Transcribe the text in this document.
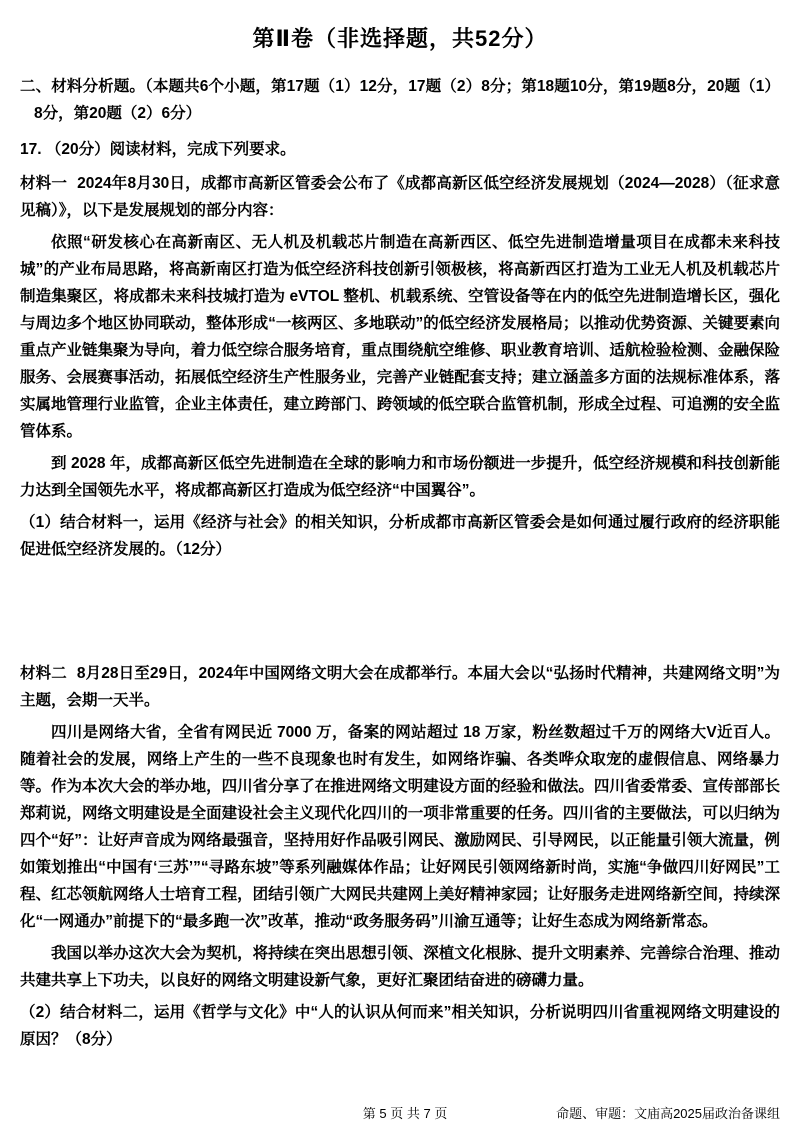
第Ⅱ卷（非选择题，共52分）

二、材料分析题。（本题共6个小题，第17题（1）12分，17题（2）8分；第18题10分，第19题8分，20题（1）8分，第20题（2）6分）

17. （20分）阅读材料，完成下列要求。

材料一 2024年8月30日，成都市高新区管委会公布了《成都高新区低空经济发展规划（2024—2028）（征求意见稿）》，以下是发展规划的部分内容：

依照“研发核心在高新南区、无人机及机载芯片制造在高新西区、低空先进制造增量项目在成都未来科技城”的产业布局思路，将高新南区打造为低空经济科技创新引领极核，将高新西区打造为工业无人机及机载芯片制造集聚区，将成都未来科技城打造为 eVTOL 整机、机载系统、空管设备等在内的低空先进制造增长区，强化与周边多个地区协同联动，整体形成“一核两区、多地联动”的低空经济发展格局；以推动优势资源、关键要素向重点产业链集聚为导向，着力低空综合服务培育，重点围绕航空维修、职业教育培训、适航检验检测、金融保险服务、会展赛事活动，拓展低空经济生产性服务业，完善产业链配套支持；建立涵盖多方面的法规标准体系，落实属地管理行业监管，企业主体责任，建立跨部门、跨领域的低空联合监管机制，形成全过程、可追溯的安全监管体系。

到 2028 年，成都高新区低空先进制造在全球的影响力和市场份额进一步提升，低空经济规模和科技创新能力达到全国领先水平，将成都高新区打造成为低空经济“中国翼谷”。

（1）结合材料一，运用《经济与社会》的相关知识，分析成都市高新区管委会是如何通过履行政府的经济职能促进低空经济发展的。（12分）

材料二 8月28日至29日，2024年中国网络文明大会在成都举行。本届大会以“弘扬时代精神，共建网络文明”为主题，会期一天半。

四川是网络大省，全省有网民近 7000 万，备案的网站超过 18 万家，粉丝数超过千万的网络大V近百人。随着社会的发展，网络上产生的一些不良现象也时有发生，如网络诈骗、各类哗众取宠的虚假信息、网络暴力等。作为本次大会的举办地，四川省分享了在推进网络文明建设方面的经验和做法。四川省委常委、宣传部部长郑莉说，网络文明建设是全面建设社会主义现代化四川的一项非常重要的任务。四川省的主要做法，可以归纳为四个“好”：让好声音成为网络最强音，坚持用好作品吸引网民、激励网民、引导网民，以正能量引领大流量，例如策划推出“中国有‘三苏’”“寻路东坡”等系列融媒体作品；让好网民引领网络新时尚，实施“争做四川好网民”工程、红芯领航网络人士培育工程，团结引领广大网民共建网上美好精神家园；让好服务走进网络新空间，持续深化“一网通办”前提下的“最多跑一次”改革，推动“政务服务码”川渝互通等；让好生态成为网络新常态。

我国以举办这次大会为契机，将持续在突出思想引领、深植文化根脉、提升文明素养、完善综合治理、推动共建共享上下功夫，以良好的网络文明建设新气象，更好汇聚团结奋进的磅礴力量。

（2）结合材料二，运用《哲学与文化》中“人的认识从何而来”相关知识，分析说明四川省重视网络文明建设的原因？（8分）

第 5 页 共 7 页	命题、审题：文庙高2025届政治备课组
